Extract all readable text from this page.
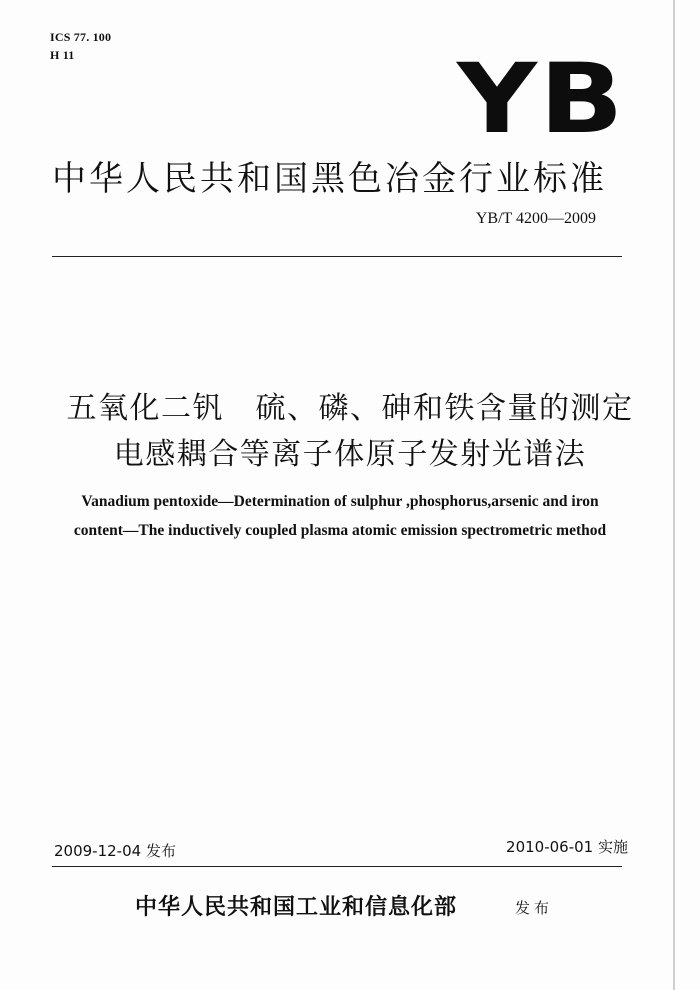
ICS 77. 100
H 11	YB
中华人民共和国黑色冶金行业标准
YB/T 4200—2009
五氧化二钒　硫、磷、砷和铁含量的测定
电感耦合等离子体原子发射光谱法
Vanadium pentoxide—Determination of sulphur ,phosphorus,arsenic and iron
content—The inductively coupled plasma atomic emission spectrometric method
2009-12-04 发布	2010-06-01 实施
中华人民共和国工业和信息化部	发布
